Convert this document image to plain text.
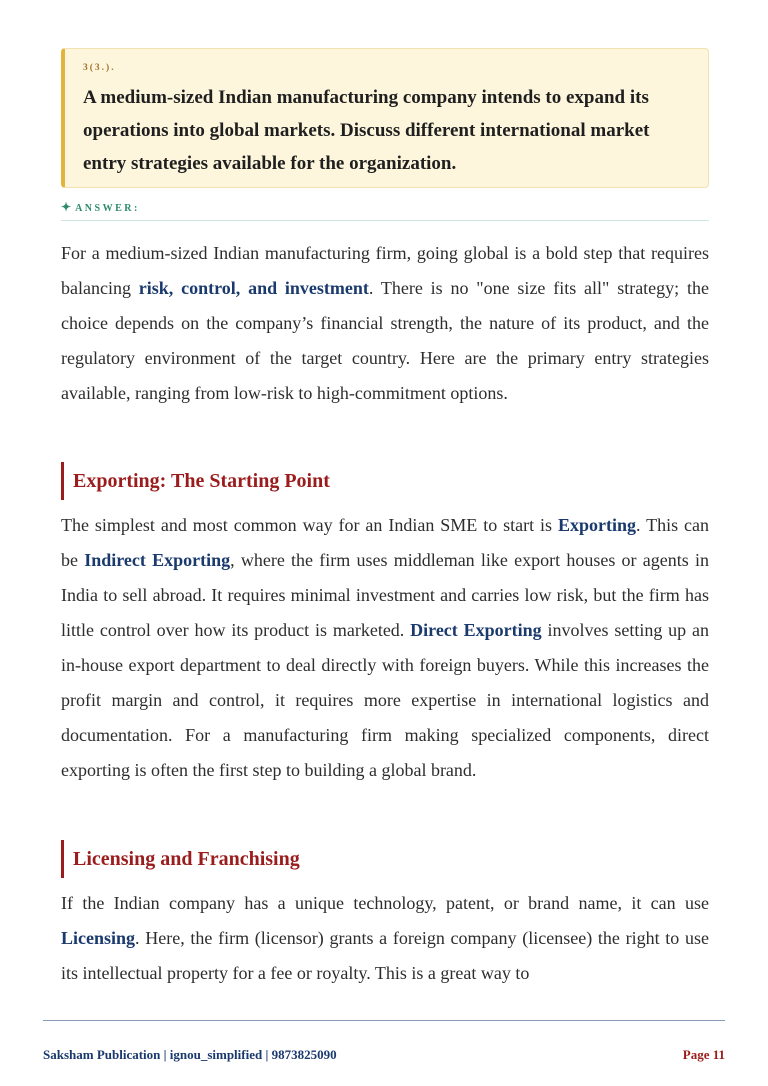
3(3.).

A medium-sized Indian manufacturing company intends to expand its operations into global markets. Discuss different international market entry strategies available for the organization.

✦ ANSWER:

For a medium-sized Indian manufacturing firm, going global is a bold step that requires balancing risk, control, and investment. There is no "one size fits all" strategy; the choice depends on the company’s financial strength, the nature of its product, and the regulatory environment of the target country. Here are the primary entry strategies available, ranging from low-risk to high-commitment options.

Exporting: The Starting Point

The simplest and most common way for an Indian SME to start is Exporting. This can be Indirect Exporting, where the firm uses middleman like export houses or agents in India to sell abroad. It requires minimal investment and carries low risk, but the firm has little control over how its product is marketed. Direct Exporting involves setting up an in-house export department to deal directly with foreign buyers. While this increases the profit margin and control, it requires more expertise in international logistics and documentation. For a manufacturing firm making specialized components, direct exporting is often the first step to building a global brand.

Licensing and Franchising

If the Indian company has a unique technology, patent, or brand name, it can use Licensing. Here, the firm (licensor) grants a foreign company (licensee) the right to use its intellectual property for a fee or royalty. This is a great way to

Saksham Publication | ignou_simplified | 9873825090	Page 11
